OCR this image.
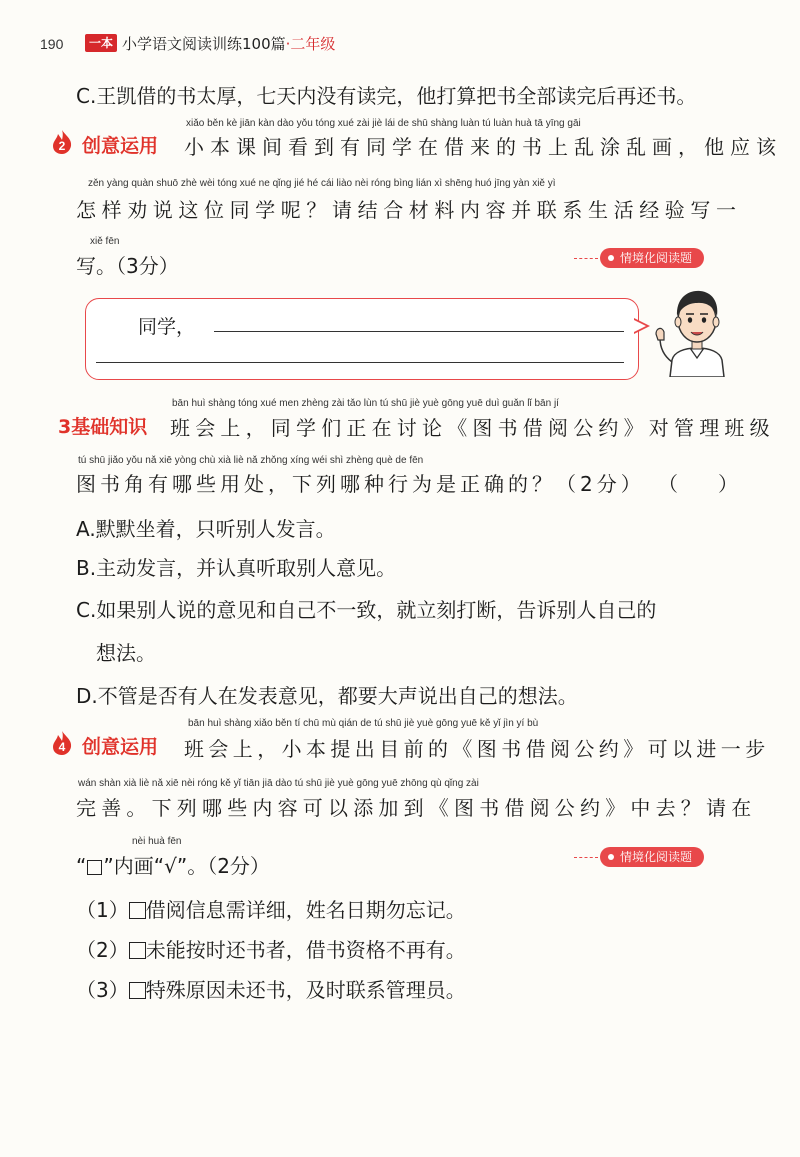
190	一本 小学语文阅读训练100篇·二年级
C.王凯借的书太厚，七天内没有读完，他打算把书全部读完后再还书。
2 创意运用
xiǎo běn kè jiān kàn dào yǒu tóng xué zài jiè lái de shū shàng luàn tú luàn huà tā yīng gāi
小本课间看到有同学在借来的书上乱涂乱画，他应该
zěn yàng quàn shuō zhè wèi tóng xué ne qǐng jié hé cái liào nèi róng bìng lián xì shēng huó jīng yàn xiě yì
怎样劝说这位同学呢？请结合材料内容并联系生活经验写一
xiě fēn
写。（3分）	情境化阅读题
同学，
3基础知识
bān huì shàng tóng xué men zhèng zài tǎo lùn tú shū jiè yuè gōng yuē duì guǎn lǐ bān jí
班会上，同学们正在讨论《图书借阅公约》对管理班级
tú shū jiǎo yǒu nǎ xiē yòng chù xià liè nǎ zhǒng xíng wéi shì zhèng què de fēn
图书角有哪些用处，下列哪种行为是正确的？（2分） （　　）
A.默默坐着，只听别人发言。
B.主动发言，并认真听取别人意见。
C.如果别人说的意见和自己不一致，就立刻打断，告诉别人自己的
想法。
D.不管是否有人在发表意见，都要大声说出自己的想法。
4 创意运用
bān huì shàng xiǎo běn tí chū mù qián de tú shū jiè yuè gōng yuē kě yǐ jìn yí bù
班会上，小本提出目前的《图书借阅公约》可以进一步
wán shàn xià liè nǎ xiē nèi róng kě yǐ tiān jiā dào tú shū jiè yuè gōng yuē zhōng qù qǐng zài
完善。下列哪些内容可以添加到《图书借阅公约》中去？请在
nèi huà fēn
“ ”内画“√”。（2分）	情境化阅读题
（1） 借阅信息需详细，姓名日期勿忘记。
（2） 未能按时还书者，借书资格不再有。
（3） 特殊原因未还书，及时联系管理员。
